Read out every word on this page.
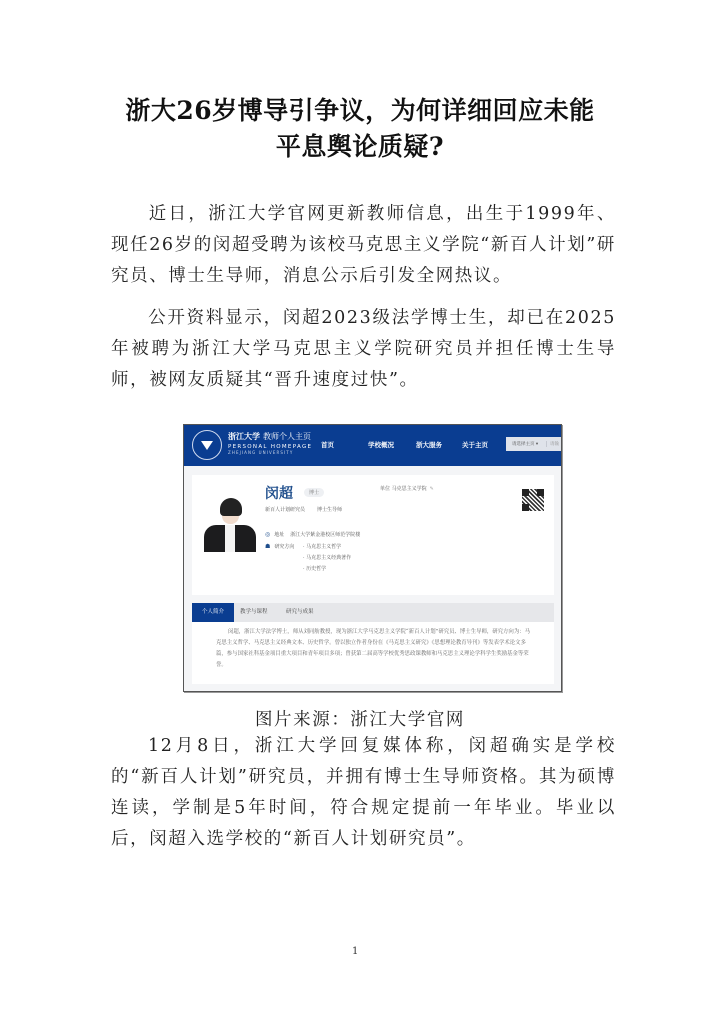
浙大26岁博导引争议，为何详细回应未能
平息舆论质疑?
近日，浙江大学官网更新教师信息，出生于1999年、现任26岁的闵超受聘为该校马克思主义学院“新百人计划”研究员、博士生导师，消息公示后引发全网热议。
公开资料显示，闵超2023级法学博士生，却已在2025年被聘为浙江大学马克思主义学院研究员并担任博士生导师，被网友质疑其“晋升速度过快”。
浙江大学 教师个人主页
PERSONAL HOMEPAGE
ZHEJIANG UNIVERSITY
首页	学校概况	浙大服务	关于主页	请选择主页 ▾	请输
闵超	博士
新百人计划研究员 博士生导师
单位 马克思主义学院 ✎
◎ 地址 浙江大学紫金港校区师范学院楼
☗ 研究方向	· 马克思主义哲学
· 马克思主义经典著作
· 历史哲学
个人简介	教学与课程	研究与成果
闵超，浙江大学法学博士，师从刘同舫教授，现为浙江大学马克思主义学院“新百人计划”研究员、博士生导师，研究方向为：马克思主义哲学、马克思主义经典文本、历史哲学。曾以独立作者身份在《马克思主义研究》《思想理论教育导刊》等发表学术论文多篇，参与国家社科基金项目重大项目和青年项目多项；曾获第二届高等学校优秀思政课教师和马克思主义理论学科学生奖励基金等荣誉。
图片来源：浙江大学官网
12月8日，浙江大学回复媒体称，闵超确实是学校的“新百人计划”研究员，并拥有博士生导师资格。其为硕博连读，学制是5年时间，符合规定提前一年毕业。毕业以后，闵超入选学校的“新百人计划研究员”。
1
